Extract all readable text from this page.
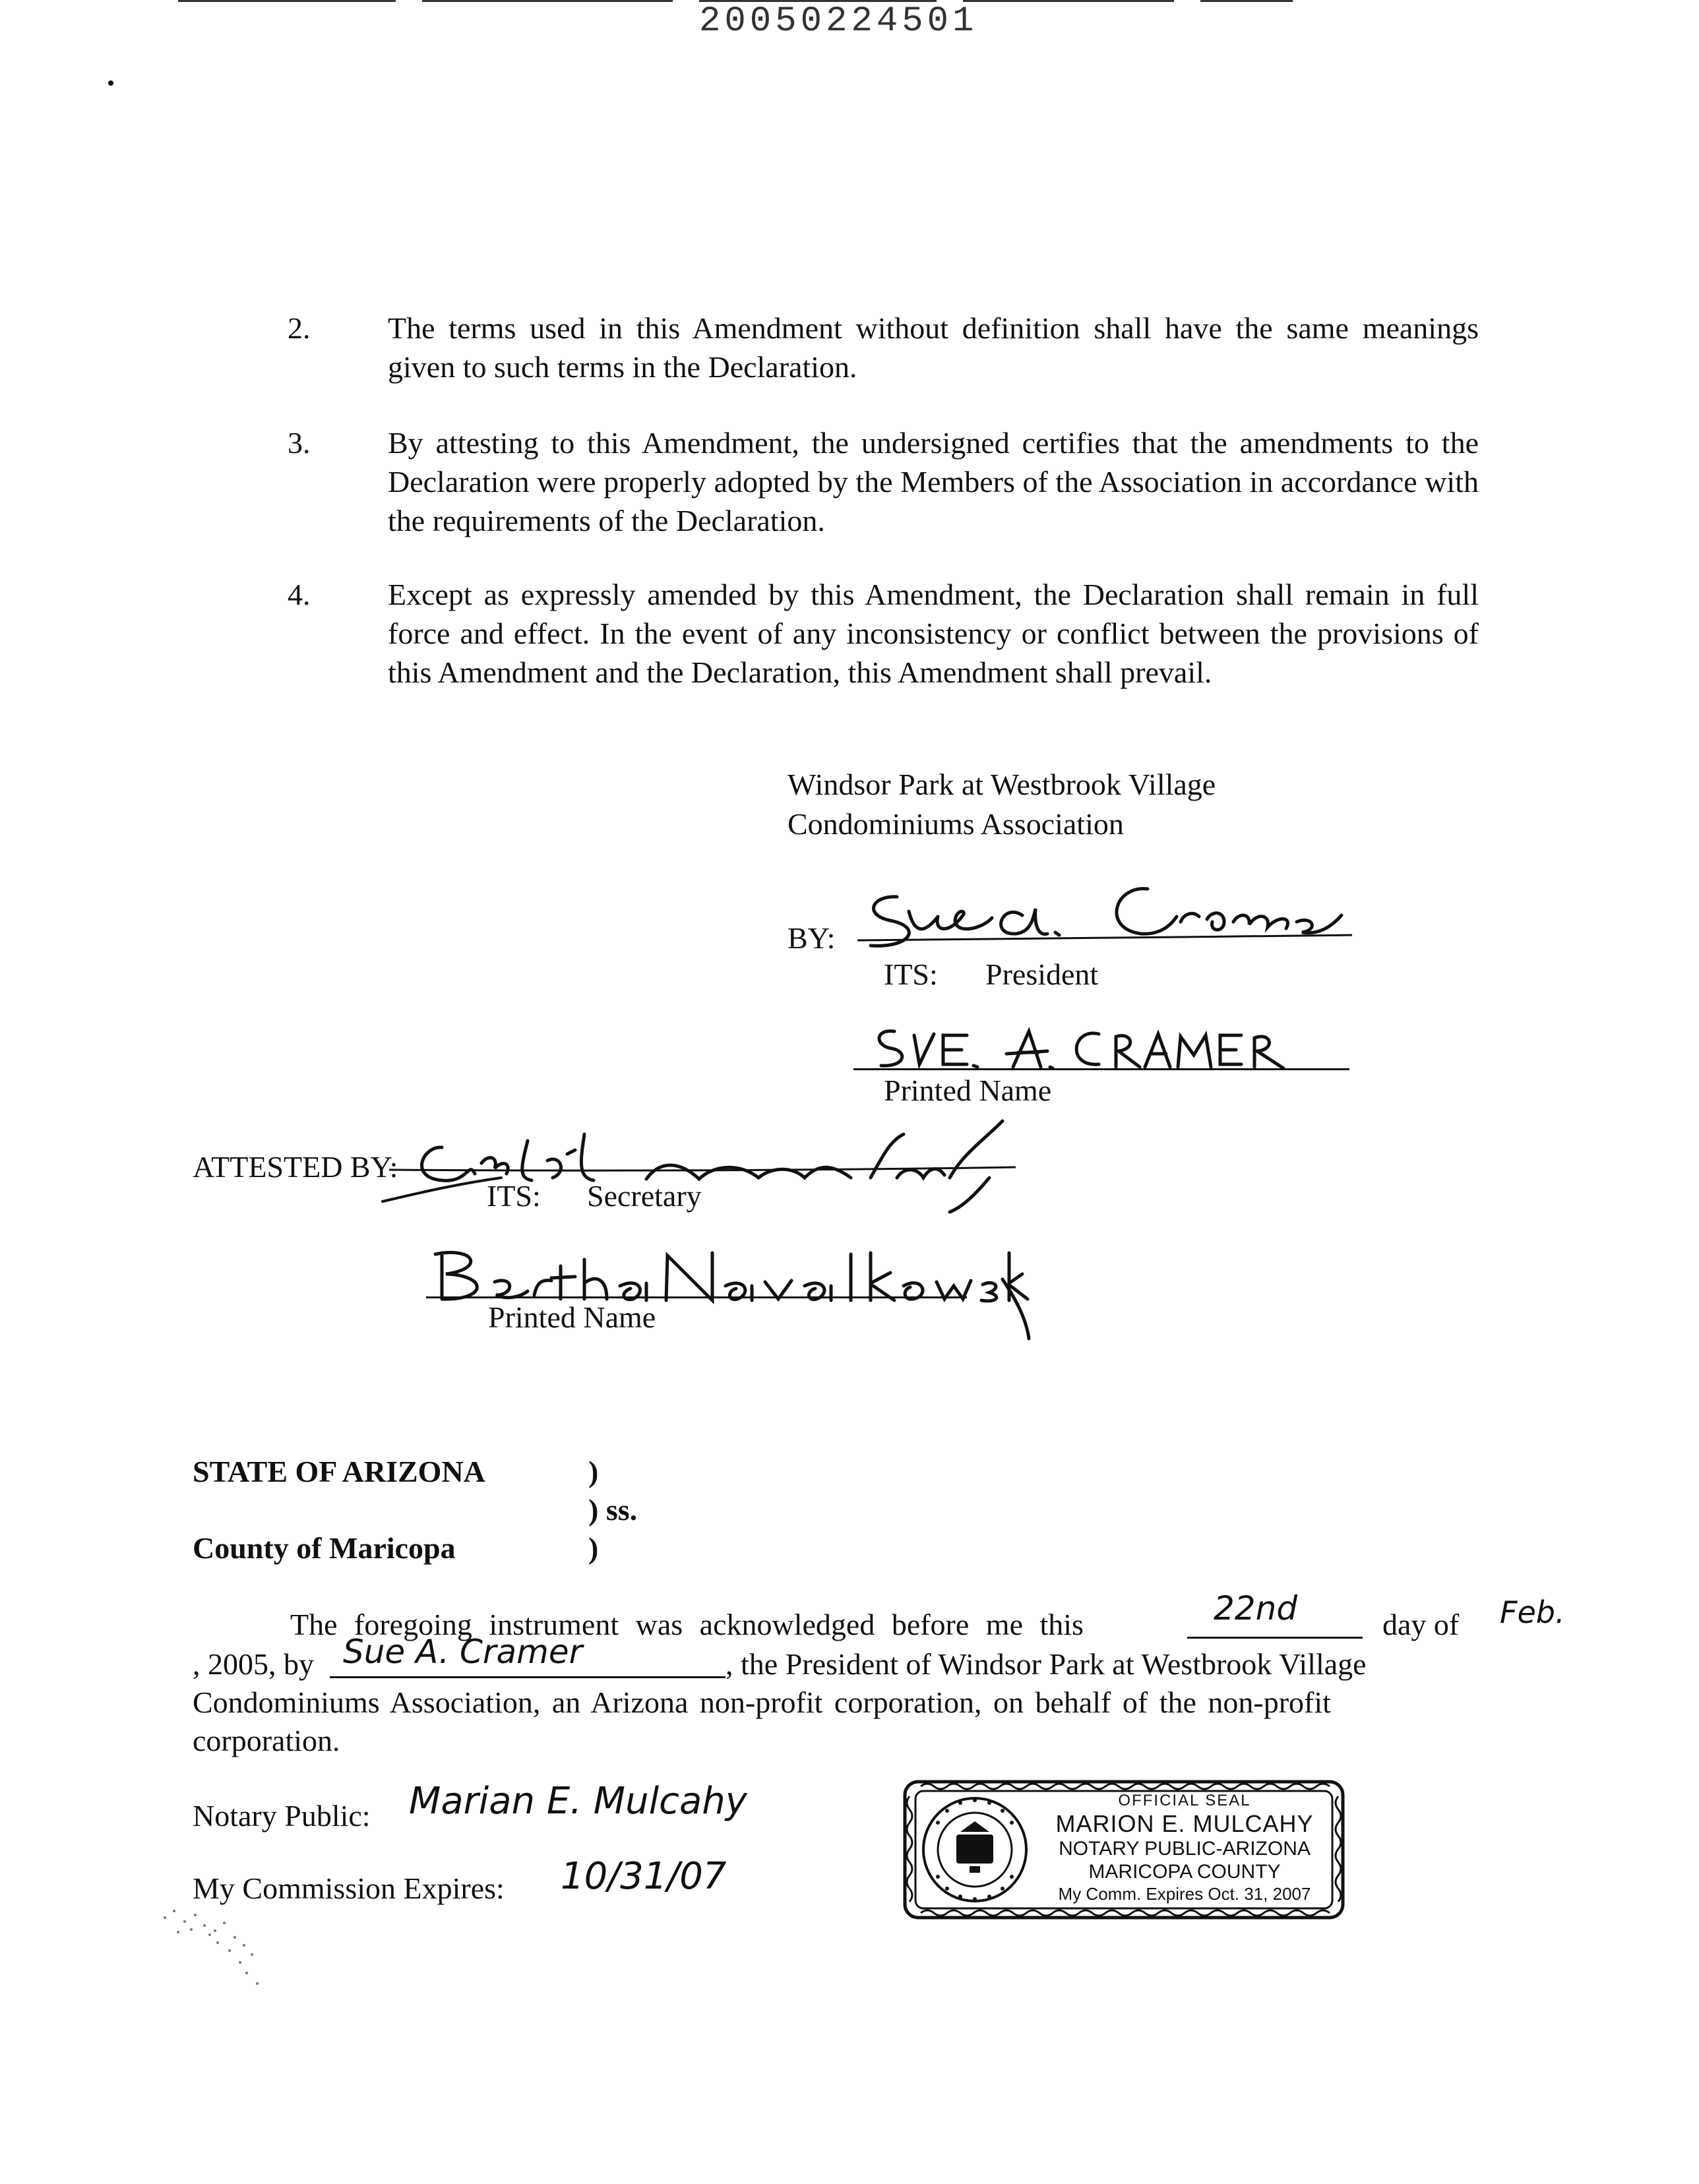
20050224501
2.	The terms used in this Amendment without definition shall have the same meanings given to such terms in the Declaration.
3.	By attesting to this Amendment, the undersigned certifies that the amendments to the Declaration were properly adopted by the Members of the Association in accordance with the requirements of the Declaration.
4.	Except as expressly amended by this Amendment, the Declaration shall remain in full force and effect. In the event of any inconsistency or conflict between the provisions of this Amendment and the Declaration, this Amendment shall prevail.
Windsor Park at Westbrook Village
Condominiums Association
BY:
ITS: President
Printed Name
ATTESTED BY:
ITS: Secretary
Printed Name
STATE OF ARIZONA	)
) ss.
County of Maricopa	)
The foregoing instrument was acknowledged before me this	22nd	day of Feb.
, 2005, by Sue A. Cramer	, the President of Windsor Park at Westbrook Village
Condominiums Association, an Arizona non-profit corporation, on behalf of the non-profit
corporation.
Notary Public: Marian E. Mulcahy
My Commission Expires: 10/31/07
OFFICIAL SEAL
MARION E. MULCAHY
NOTARY PUBLIC-ARIZONA
MARICOPA COUNTY
My Comm. Expires Oct. 31, 2007
